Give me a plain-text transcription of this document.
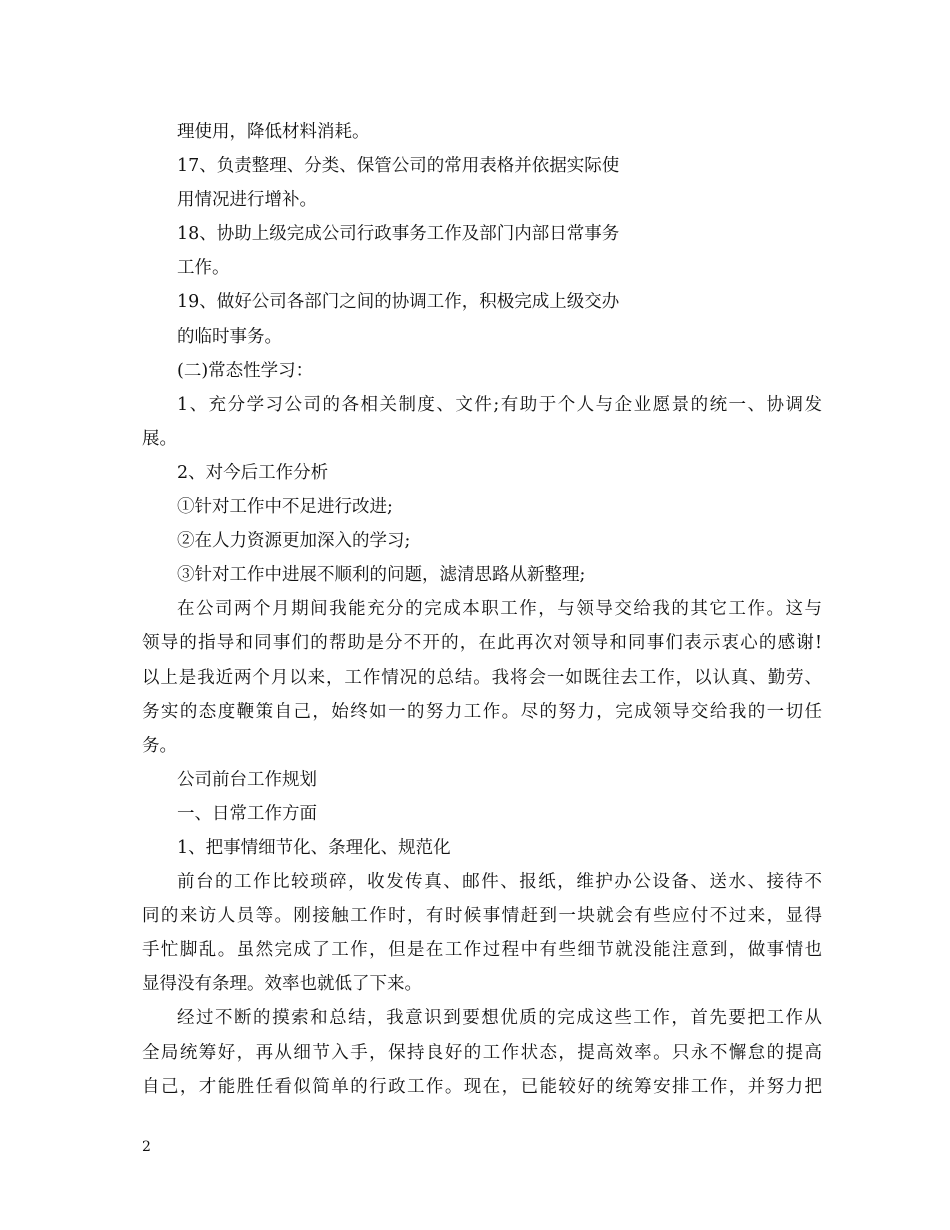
理使用，降低材料消耗。
17、负责整理、分类、保管公司的常用表格并依据实际使
用情况进行增补。
18、协助上级完成公司行政事务工作及部门内部日常事务
工作。
19、做好公司各部门之间的协调工作，积极完成上级交办
的临时事务。
(二)常态性学习：
1、充分学习公司的各相关制度、文件;有助于个人与企业愿景的统一、协调发
展。
2、对今后工作分析
①针对工作中不足进行改进;
②在人力资源更加深入的学习;
③针对工作中进展不顺利的问题，滤清思路从新整理;
在公司两个月期间我能充分的完成本职工作，与领导交给我的其它工作。这与
领导的指导和同事们的帮助是分不开的，在此再次对领导和同事们表示衷心的感谢!
以上是我近两个月以来，工作情况的总结。我将会一如既往去工作，以认真、勤劳、
务实的态度鞭策自己，始终如一的努力工作。尽的努力，完成领导交给我的一切任
务。
公司前台工作规划
一、日常工作方面
1、把事情细节化、条理化、规范化
前台的工作比较琐碎，收发传真、邮件、报纸，维护办公设备、送水、接待不
同的来访人员等。刚接触工作时，有时候事情赶到一块就会有些应付不过来，显得
手忙脚乱。虽然完成了工作，但是在工作过程中有些细节就没能注意到，做事情也
显得没有条理。效率也就低了下来。
经过不断的摸索和总结，我意识到要想优质的完成这些工作，首先要把工作从
全局统筹好，再从细节入手，保持良好的工作状态，提高效率。只永不懈怠的提高
自己，才能胜任看似简单的行政工作。现在，已能较好的统筹安排工作，并努力把
2
